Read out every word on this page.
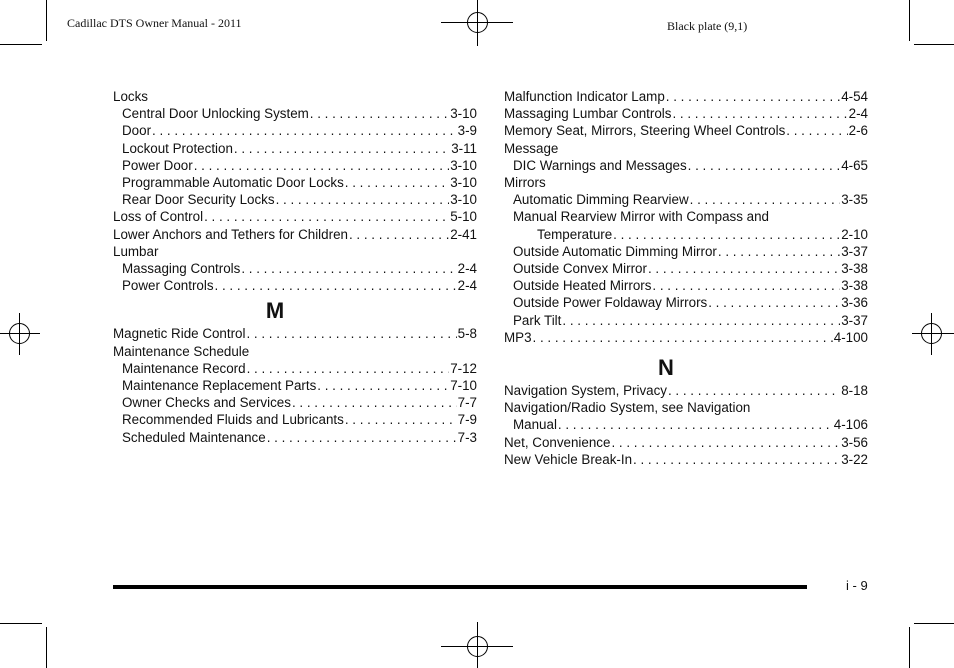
Cadillac DTS Owner Manual - 2011	Black plate (9,1)
Locks
Central Door Unlocking System . . .	3-10
Door . . .	3-9
Lockout Protection . . .	3-11
Power Door . . .	3-10
Programmable Automatic Door Locks . . .	3-10
Rear Door Security Locks . . .	3-10
Loss of Control . . .	5-10
Lower Anchors and Tethers for Children . . .	2-41
Lumbar
Massaging Controls . . .	2-4
Power Controls . . .	2-4
M
Magnetic Ride Control . . .	5-8
Maintenance Schedule
Maintenance Record . . .	7-12
Maintenance Replacement Parts . . .	7-10
Owner Checks and Services . . .	7-7
Recommended Fluids and Lubricants . . .	7-9
Scheduled Maintenance . . .	7-3
Malfunction Indicator Lamp . . .	4-54
Massaging Lumbar Controls . . .	2-4
Memory Seat, Mirrors, Steering Wheel Controls . . .	2-6
Message
DIC Warnings and Messages . . .	4-65
Mirrors
Automatic Dimming Rearview . . .	3-35
Manual Rearview Mirror with Compass and
Temperature . . .	2-10
Outside Automatic Dimming Mirror . . .	3-37
Outside Convex Mirror . . .	3-38
Outside Heated Mirrors . . .	3-38
Outside Power Foldaway Mirrors . . .	3-36
Park Tilt . . .	3-37
MP3 . . .	4-100
N
Navigation System, Privacy . . .	8-18
Navigation/Radio System, see Navigation
Manual . . .	4-106
Net, Convenience . . .	3-56
New Vehicle Break-In . . .	3-22
i - 9
